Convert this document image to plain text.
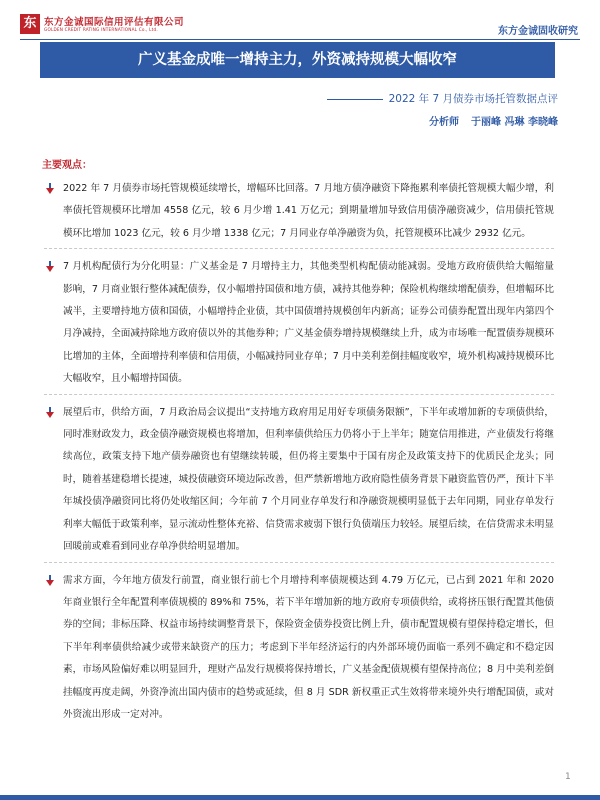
东 东方金诚国际信用评估有限公司
GOLDEN CREDIT RATING INTERNATIONAL Co., Ltd.	东方金诚固收研究
广义基金成唯一增持主力，外资减持规模大幅收窄
2022 年 7 月债券市场托管数据点评
分析师 于丽峰 冯琳 李晓峰
主要观点：
2022 年 7 月债券市场托管规模延续增长，增幅环比回落。7 月地方债净融资下降拖累利率债托管规模大幅少增，利率债托管规模环比增加 4558 亿元，较 6 月少增 1.41 万亿元；到期量增加导致信用债净融资减少，信用债托管规模环比增加 1023 亿元，较 6 月少增 1338 亿元；7 月同业存单净融资为负，托管规模环比减少 2932 亿元。
7 月机构配债行为分化明显：广义基金是 7 月增持主力，其他类型机构配债动能减弱。受地方政府债供给大幅缩量影响，7 月商业银行整体减配债券，仅小幅增持国债和地方债，减持其他券种；保险机构继续增配债券，但增幅环比减半，主要增持地方债和国债，小幅增持企业债，其中国债增持规模创年内新高；证券公司债券配置出现年内第四个月净减持，全面减持除地方政府债以外的其他券种；广义基金债券增持规模继续上升，成为市场唯一配置债券规模环比增加的主体，全面增持利率债和信用债，小幅减持同业存单；7 月中美利差倒挂幅度收窄，境外机构减持规模环比大幅收窄，且小幅增持国债。
展望后市，供给方面，7 月政治局会议提出“支持地方政府用足用好专项债务限额”，下半年或增加新的专项债供给，同时准财政发力，政金债净融资规模也将增加，但利率债供给压力仍将小于上半年；随宽信用推进，产业债发行将继续高位，政策支持下地产债券融资也有望继续转暖，但仍将主要集中于国有房企及政策支持下的优质民企龙头；同时，随着基建稳增长提速，城投债融资环境边际改善，但严禁新增地方政府隐性债务背景下融资监管仍严，预计下半年城投债净融资同比将仍处收缩区间；今年前 7 个月同业存单发行和净融资规模明显低于去年同期，同业存单发行利率大幅低于政策利率，显示流动性整体充裕、信贷需求疲弱下银行负债端压力较轻。展望后续，在信贷需求未明显回暖前或难看到同业存单净供给明显增加。
需求方面，今年地方债发行前置，商业银行前七个月增持利率债规模达到 4.79 万亿元，已占到 2021 年和 2020 年商业银行全年配置利率债规模的 89%和 75%，若下半年增加新的地方政府专项债供给，或将挤压银行配置其他债券的空间；非标压降、权益市场持续调整背景下，保险资金债券投资比例上升，债市配置规模有望保持稳定增长，但下半年利率债供给减少或带来缺资产的压力；考虑到下半年经济运行的内外部环境仍面临一系列不确定和不稳定因素，市场风险偏好难以明显回升，理财产品发行规模将保持增长，广义基金配债规模有望保持高位；8 月中美利差倒挂幅度再度走阔，外资净流出国内债市的趋势或延续，但 8 月 SDR 新权重正式生效将带来境外央行增配国债，或对外资流出形成一定对冲。
1
